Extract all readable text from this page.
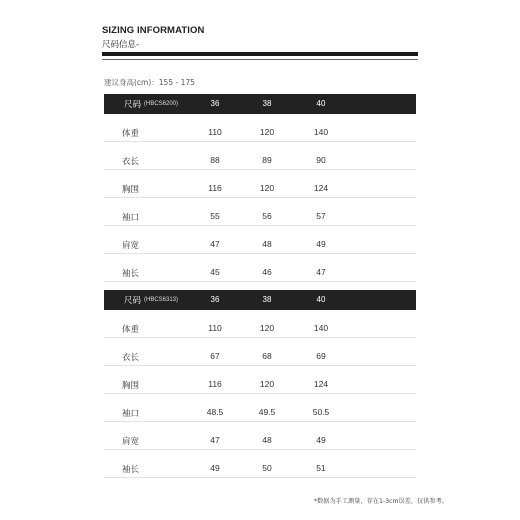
SIZING INFORMATION
尺码信息-
建议身高(cm)：155 - 175
尺码 (HBCS6200)	36	38	40
体重	110	120	140
衣长	88	89	90
胸围	116	120	124
袖口	55	56	57
肩宽	47	48	49
袖长	45	46	47
尺码 (HBCS6313)	36	38	40
体重	110	120	140
衣长	67	68	69
胸围	116	120	124
袖口	48.5	49.5	50.5
肩宽	47	48	49
袖长	49	50	51
*数据为手工测量，存在1-3cm误差，仅供参考。
